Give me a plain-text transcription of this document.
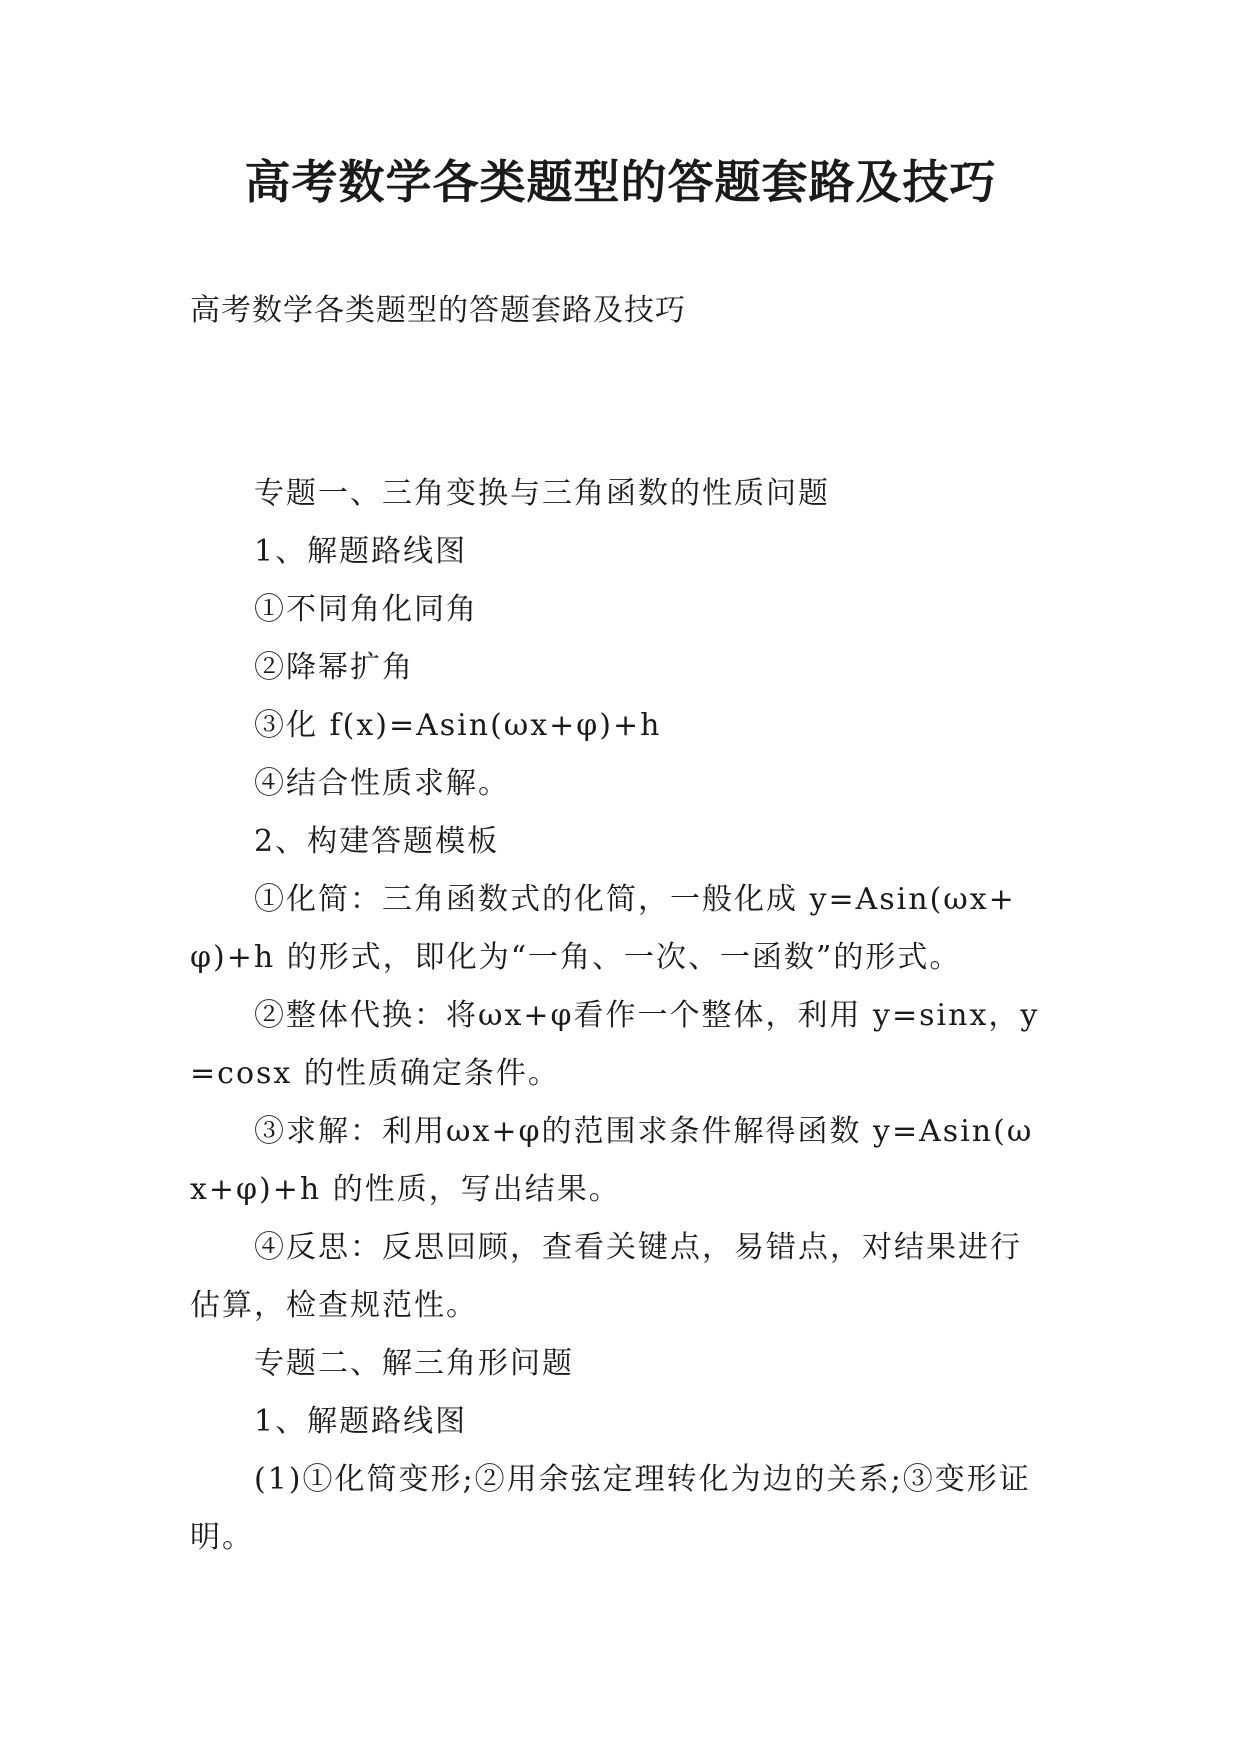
高考数学各类题型的答题套路及技巧
高考数学各类题型的答题套路及技巧

专题一、三角变换与三角函数的性质问题

1、解题路线图

①不同角化同角

②降幂扩角

③化 f(x)=Asin(ωx+φ)+h

④结合性质求解。

2、构建答题模板

①化简：三角函数式的化简，一般化成 y=Asin(ωx+φ)+h 的形式，即化为“一角、一次、一函数”的形式。

②整体代换：将ωx+φ看作一个整体，利用 y=sinx，y=cosx 的性质确定条件。

③求解：利用ωx+φ的范围求条件解得函数 y=Asin(ωx+φ)+h 的性质，写出结果。

④反思：反思回顾，查看关键点，易错点，对结果进行估算，检查规范性。

专题二、解三角形问题

1、解题路线图

(1)①化简变形;②用余弦定理转化为边的关系;③变形证明。
